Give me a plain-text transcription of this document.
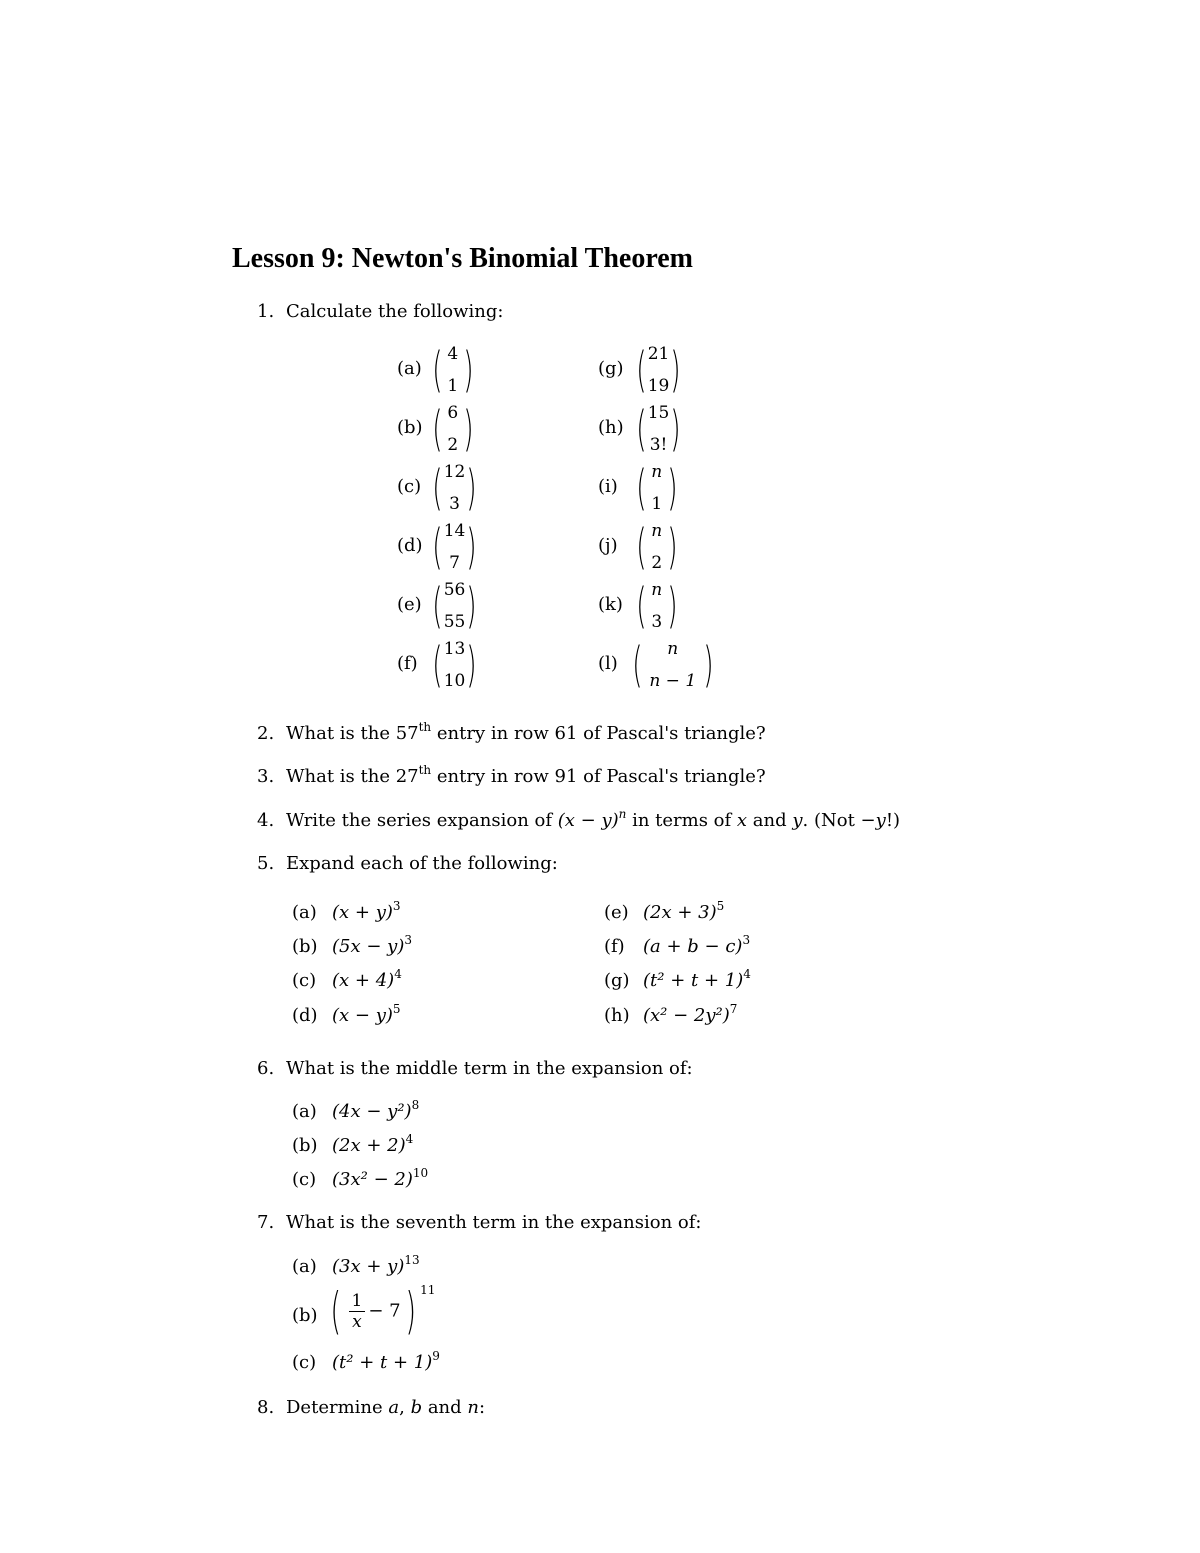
Lesson 9: Newton's Binomial Theorem
1. Calculate the following:
(a) ( 4
1 )
(b) ( 6
2 )
(c) ( 12
3 )
(d) ( 14
7 )
(e) ( 56
55 )
(f) ( 13
10 )
(g) ( 21
19 )
(h) ( 15
3! )
(i) ( n
1 )
(j) ( n
2 )
(k) ( n
3 )
(l) ( n
n − 1 )
2. What is the 57th entry in row 61 of Pascal's triangle?
3. What is the 27th entry in row 91 of Pascal's triangle?
4. Write the series expansion of $(x - y)^n$ in terms of x and y. (Not −y!)
5. Expand each of the following:
(a) $(x + y)^3$
(b) $(5x - y)^3$
(c) $(x + 4)^4$
(d) $(x - y)^5$
(e) $(2x + 3)^5$
(f) $(a + b - c)^3$
(g) $(t^2 + t + 1)^4$
(h) $(x^2 - 2y^2)^7$
6. What is the middle term in the expansion of:
(a) $(4x - y^2)^8$
(b) $(2x + 2)^4$
(c) $(3x^2 - 2)^{10}$
7. What is the seventh term in the expansion of:
(a) $(3x + y)^{13}$
(b) ( $\frac{1}{x} - 7$) $^{11}$
(c) $(t^2 + t + 1)^9$
8. Determine a, b and n:
